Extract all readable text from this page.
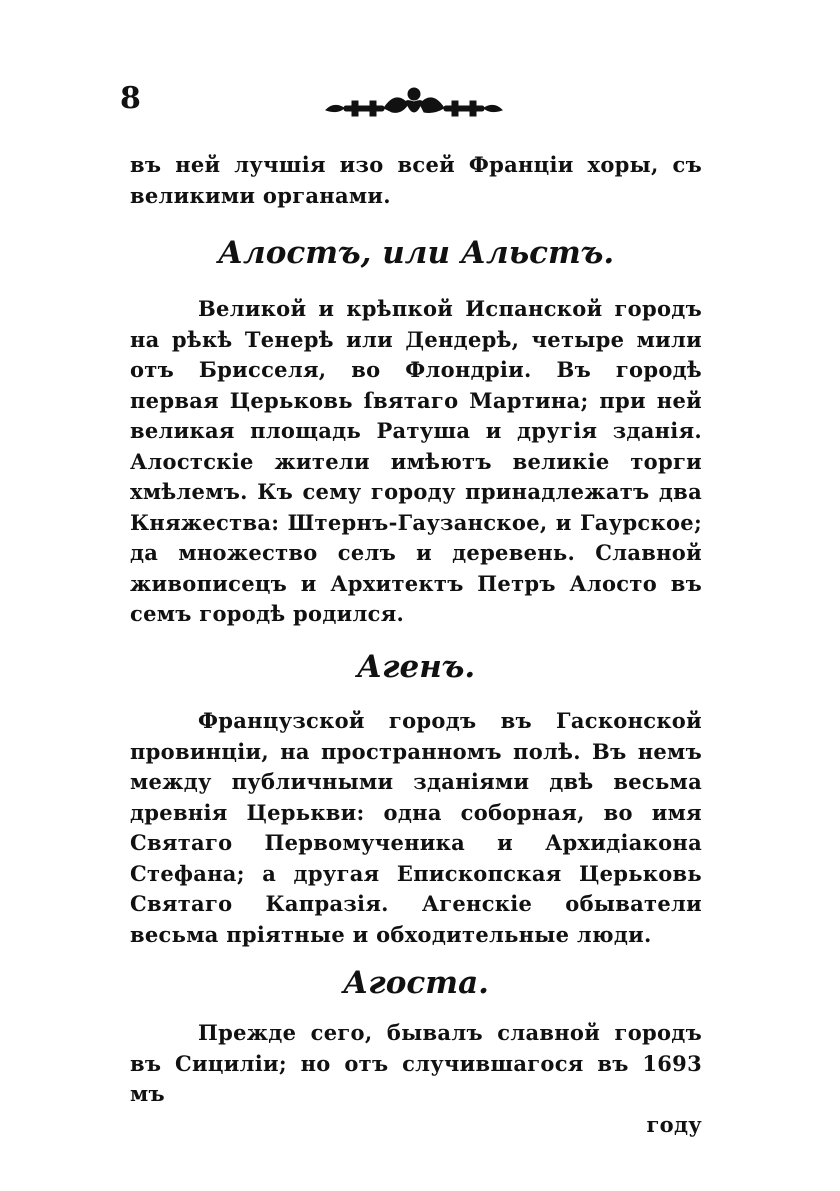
8

въ ней лучшія изо всей Франціи хоры, съ великими органами.

Алостъ, или Альстъ.

Великой и крѣпкой Испанской городъ на рѣкѣ Тенерѣ или Дендерѣ, четыре мили отъ Брисселя, во Флондріи. Въ городѣ первая Церьковь ſвятаго Мартина; при ней великая площадь Ратуша и другія зданія. Алостскіе жители имѣютъ великіе торги хмѣлемъ. Къ сему городу принадлежатъ два Княжества: Штернъ-Гаузанское, и Гаурское; да множество селъ и деревень. Славной живописецъ и Архитектъ Петръ Алосто въ семъ городѣ родился.

Агенъ.

Французской городъ въ Гасконской провинціи, на пространномъ полѣ. Въ немъ между публичными зданіями двѣ весьма древнія Церькви: одна соборная, во имя Святаго Первомученика и Архидіакона Стефана; а другая Епископская Церьковь Святаго Капразія. Агенскіе обыватели весьма пріятные и обходительные люди.

Агоста.

Прежде сего, бывалъ славной городъ въ Сициліи; но отъ случившагося въ 1693 мъ

году
